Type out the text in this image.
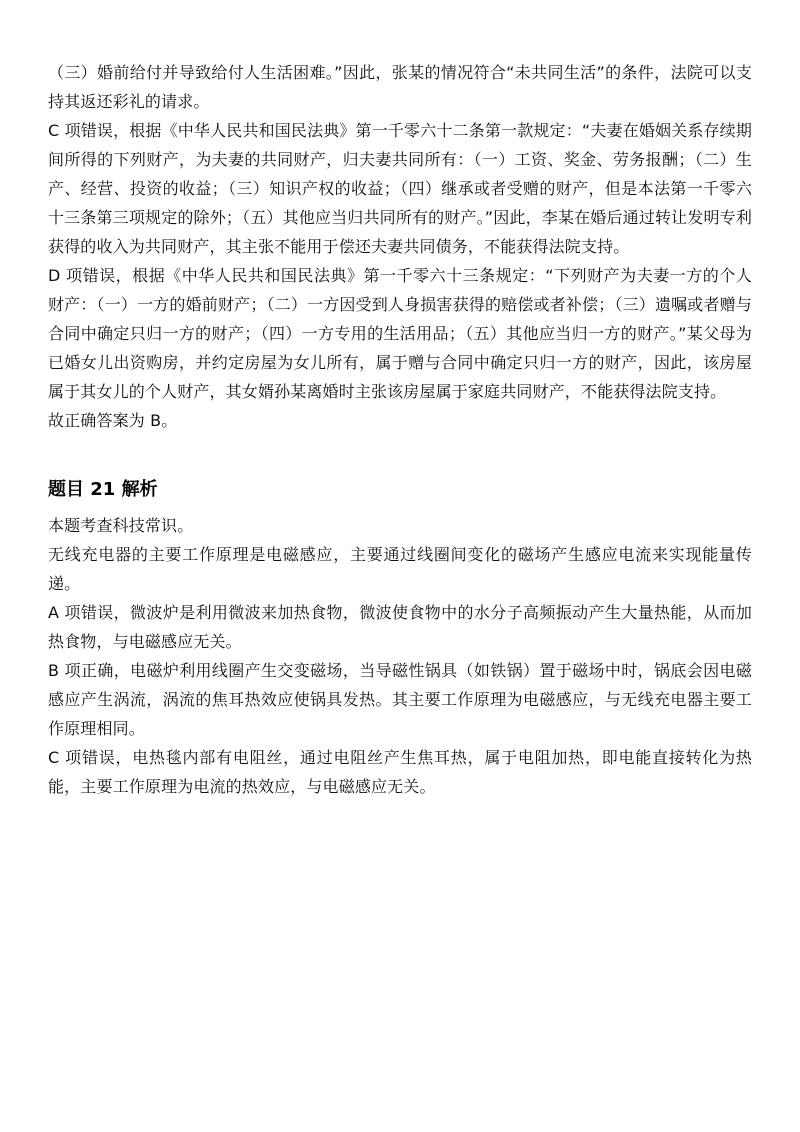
（三）婚前给付并导致给付人生活困难。”因此，张某的情况符合“未共同生活”的条件，法院可以支持其返还彩礼的请求。

C 项错误，根据《中华人民共和国民法典》第一千零六十二条第一款规定：“夫妻在婚姻关系存续期间所得的下列财产，为夫妻的共同财产，归夫妻共同所有：（一）工资、奖金、劳务报酬；（二）生产、经营、投资的收益；（三）知识产权的收益；（四）继承或者受赠的财产，但是本法第一千零六十三条第三项规定的除外；（五）其他应当归共同所有的财产。”因此，李某在婚后通过转让发明专利获得的收入为共同财产，其主张不能用于偿还夫妻共同债务，不能获得法院支持。

D 项错误，根据《中华人民共和国民法典》第一千零六十三条规定：“下列财产为夫妻一方的个人财产：（一）一方的婚前财产；（二）一方因受到人身损害获得的赔偿或者补偿；（三）遗嘱或者赠与合同中确定只归一方的财产；（四）一方专用的生活用品；（五）其他应当归一方的财产。”某父母为已婚女儿出资购房，并约定房屋为女儿所有，属于赠与合同中确定只归一方的财产，因此，该房屋属于其女儿的个人财产，其女婿孙某离婚时主张该房屋属于家庭共同财产，不能获得法院支持。

故正确答案为 B。

题目 21 解析

本题考查科技常识。

无线充电器的主要工作原理是电磁感应，主要通过线圈间变化的磁场产生感应电流来实现能量传递。

A 项错误，微波炉是利用微波来加热食物，微波使食物中的水分子高频振动产生大量热能，从而加热食物，与电磁感应无关。

B 项正确，电磁炉利用线圈产生交变磁场，当导磁性锅具（如铁锅）置于磁场中时，锅底会因电磁感应产生涡流，涡流的焦耳热效应使锅具发热。其主要工作原理为电磁感应，与无线充电器主要工作原理相同。

C 项错误，电热毯内部有电阻丝，通过电阻丝产生焦耳热，属于电阻加热，即电能直接转化为热能，主要工作原理为电流的热效应，与电磁感应无关。
